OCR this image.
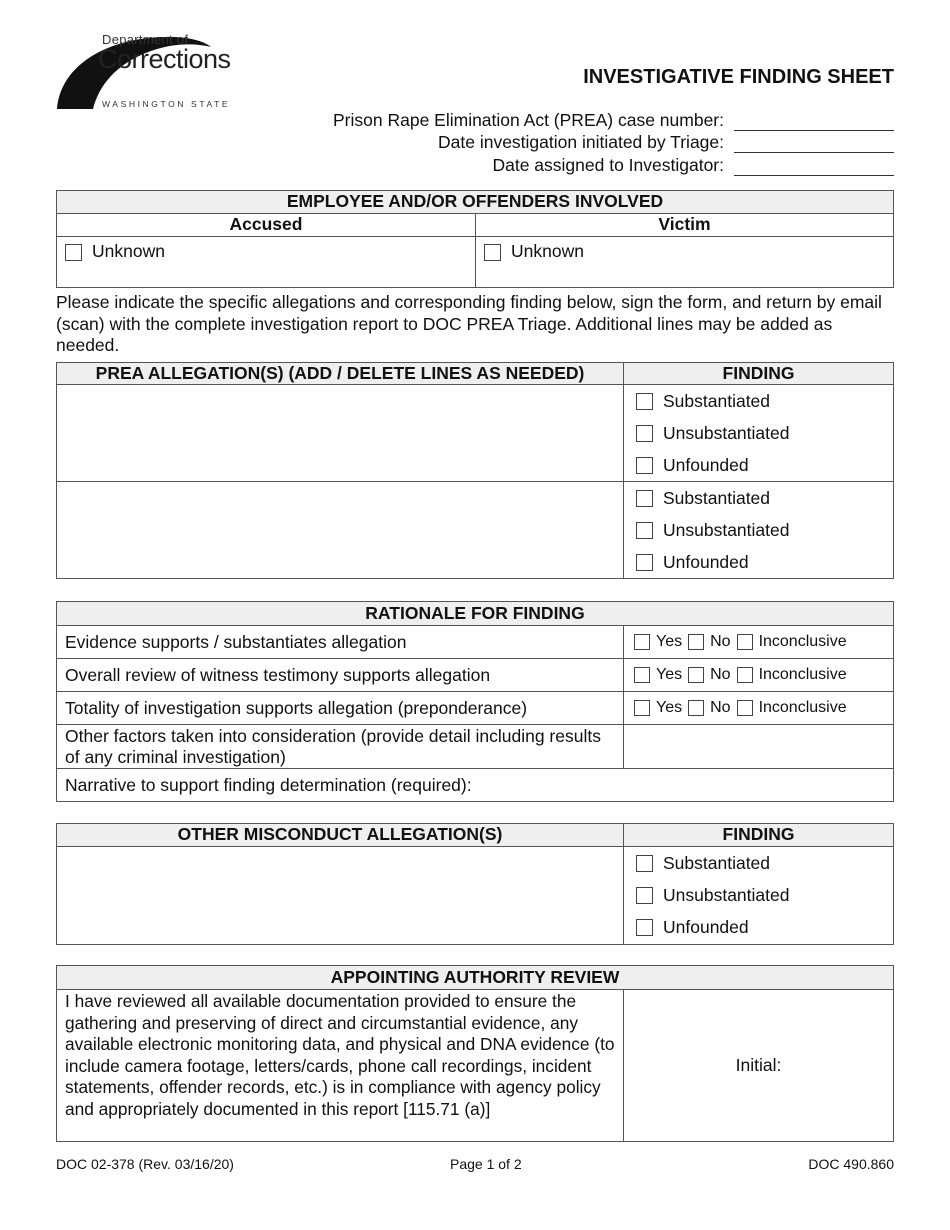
Department of
Corrections
WASHINGTON STATE
INVESTIGATIVE FINDING SHEET
Prison Rape Elimination Act (PREA) case number:
Date investigation initiated by Triage:
Date assigned to Investigator:
EMPLOYEE AND/OR OFFENDERS INVOLVED
Accused	Victim
Unknown	Unknown
Please indicate the specific allegations and corresponding finding below, sign the form, and return by email (scan) with the complete investigation report to DOC PREA Triage. Additional lines may be added as needed.
PREA ALLEGATION(S) (ADD / DELETE LINES AS NEEDED)	FINDING
Substantiated
Unsubstantiated
Unfounded
Substantiated
Unsubstantiated
Unfounded
RATIONALE FOR FINDING
Evidence supports / substantiates allegation	Yes No Inconclusive
Overall review of witness testimony supports allegation	Yes No Inconclusive
Totality of investigation supports allegation (preponderance)	Yes No Inconclusive
Other factors taken into consideration (provide detail including results of any criminal investigation)
Narrative to support finding determination (required):
OTHER MISCONDUCT ALLEGATION(S)	FINDING
Substantiated
Unsubstantiated
Unfounded
APPOINTING AUTHORITY REVIEW
I have reviewed all available documentation provided to ensure the gathering and preserving of direct and circumstantial evidence, any available electronic monitoring data, and physical and DNA evidence (to include camera footage, letters/cards, phone call recordings, incident statements, offender records, etc.) is in compliance with agency policy and appropriately documented in this report [115.71 (a)]
Initial:
DOC 02-378 (Rev. 03/16/20)	Page 1 of 2	DOC 490.860
